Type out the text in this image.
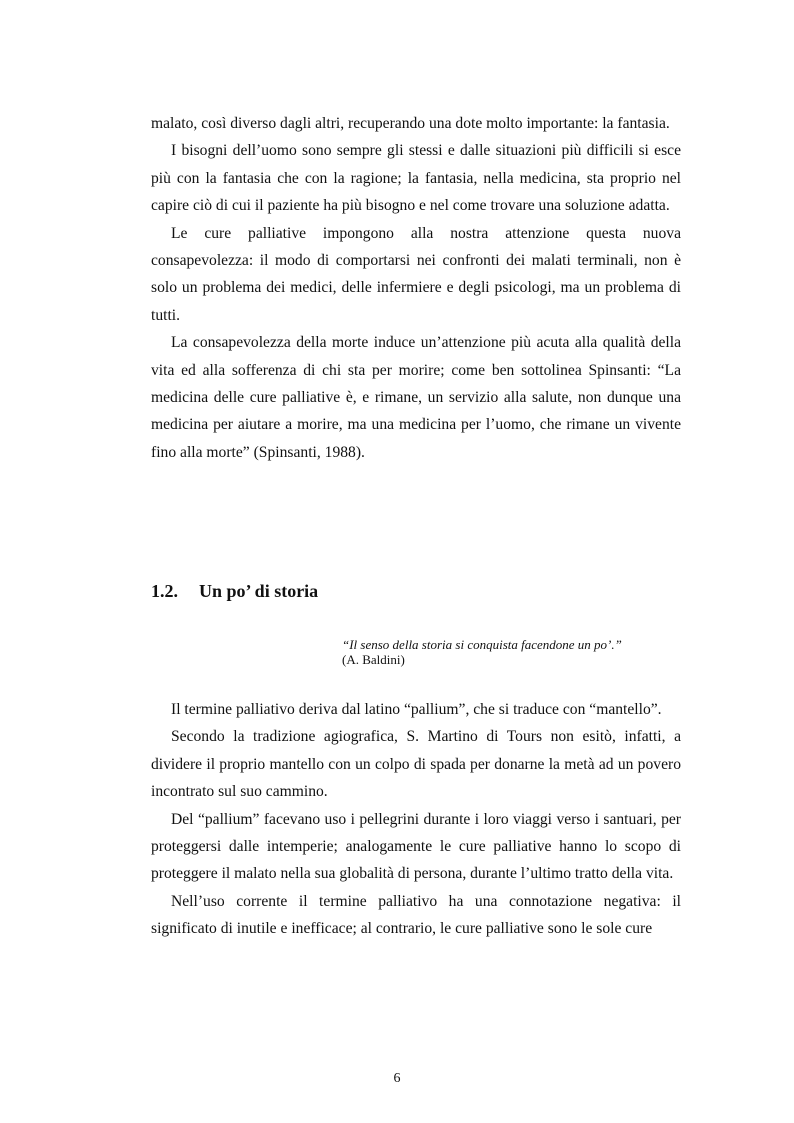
malato, così diverso dagli altri, recuperando una dote molto importante: la fantasia.

I bisogni dell’uomo sono sempre gli stessi e dalle situazioni più difficili si esce più con la fantasia che con la ragione; la fantasia, nella medicina, sta proprio nel capire ciò di cui il paziente ha più bisogno e nel come trovare una soluzione adatta.

Le cure palliative impongono alla nostra attenzione questa nuova consapevolezza: il modo di comportarsi nei confronti dei malati terminali, non è solo un problema dei medici, delle infermiere e degli psicologi, ma un problema di tutti.

La consapevolezza della morte induce un’attenzione più acuta alla qualità della vita ed alla sofferenza di chi sta per morire; come ben sottolinea Spinsanti: “La medicina delle cure palliative è, e rimane, un servizio alla salute, non dunque una medicina per aiutare a morire, ma una medicina per l’uomo, che rimane un vivente fino alla morte” (Spinsanti, 1988).

1.2. Un po’ di storia
“Il senso della storia si conquista facendone un po’.”
(A. Baldini)

Il termine palliativo deriva dal latino “pallium”, che si traduce con “mantello”.

Secondo la tradizione agiografica, S. Martino di Tours non esitò, infatti, a dividere il proprio mantello con un colpo di spada per donarne la metà ad un povero incontrato sul suo cammino.

Del “pallium” facevano uso i pellegrini durante i loro viaggi verso i santuari, per proteggersi dalle intemperie; analogamente le cure palliative hanno lo scopo di proteggere il malato nella sua globalità di persona, durante l’ultimo tratto della vita.

Nell’uso corrente il termine palliativo ha una connotazione negativa: il significato di inutile e inefficace; al contrario, le cure palliative sono le sole cure

6
